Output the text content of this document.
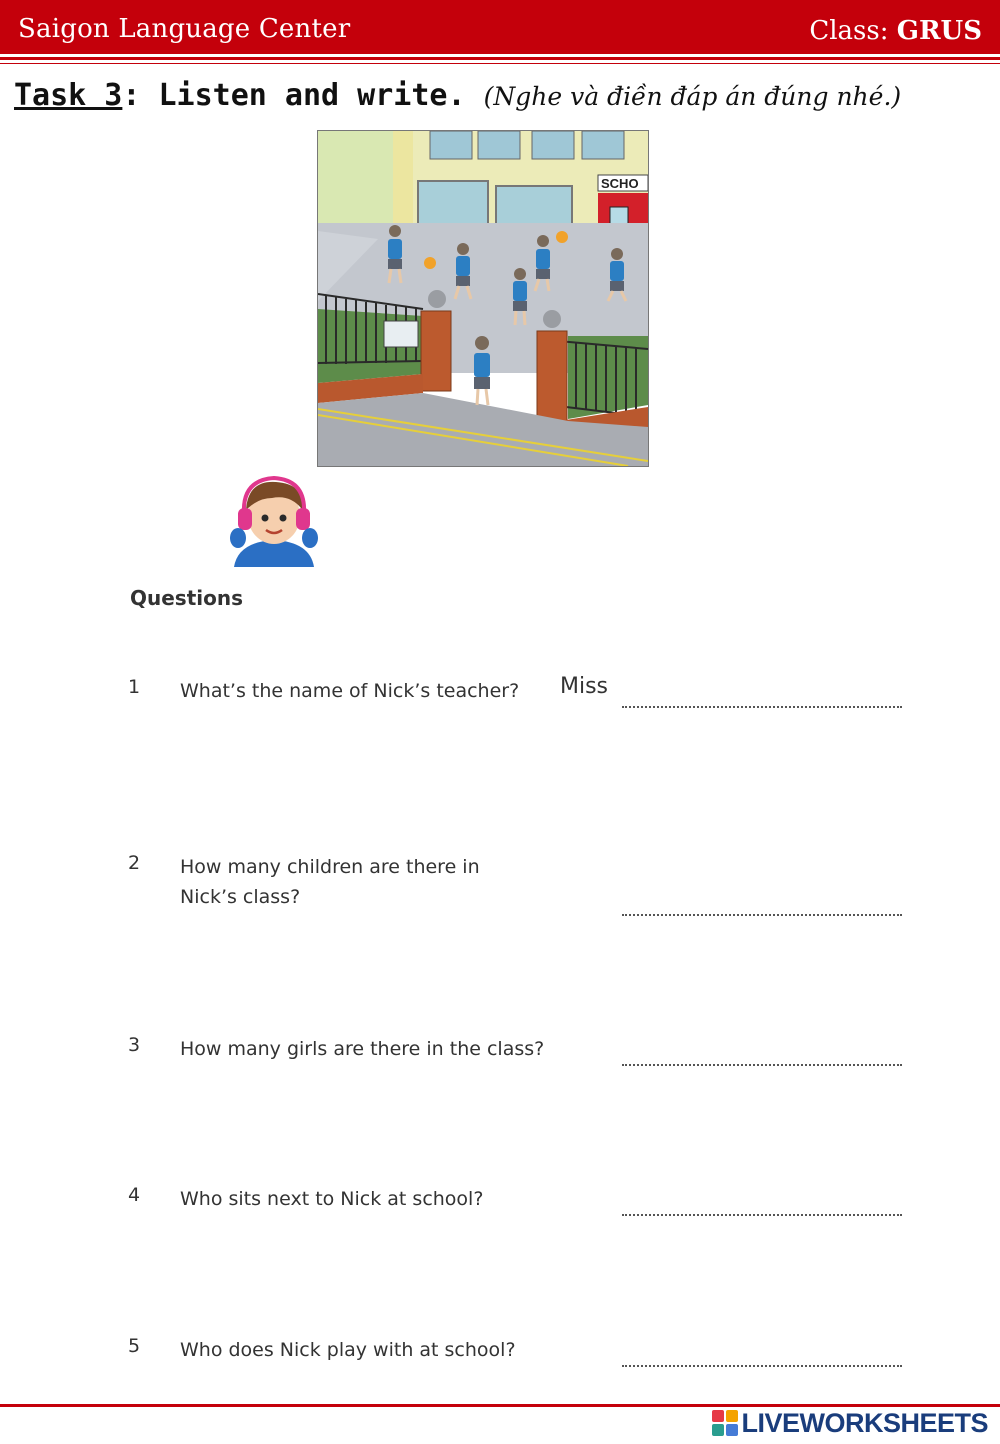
Saigon Language Center	Class: GRUS
Task 3: Listen and write. (Nghe và điền đáp án đúng nhé.)
SCHO
Questions
1 What’s the name of Nick’s teacher? Miss
2 How many children are there in
Nick’s class?
3 How many girls are there in the class?
4 Who sits next to Nick at school?
5 Who does Nick play with at school?
LIVEWORKSHEETS
